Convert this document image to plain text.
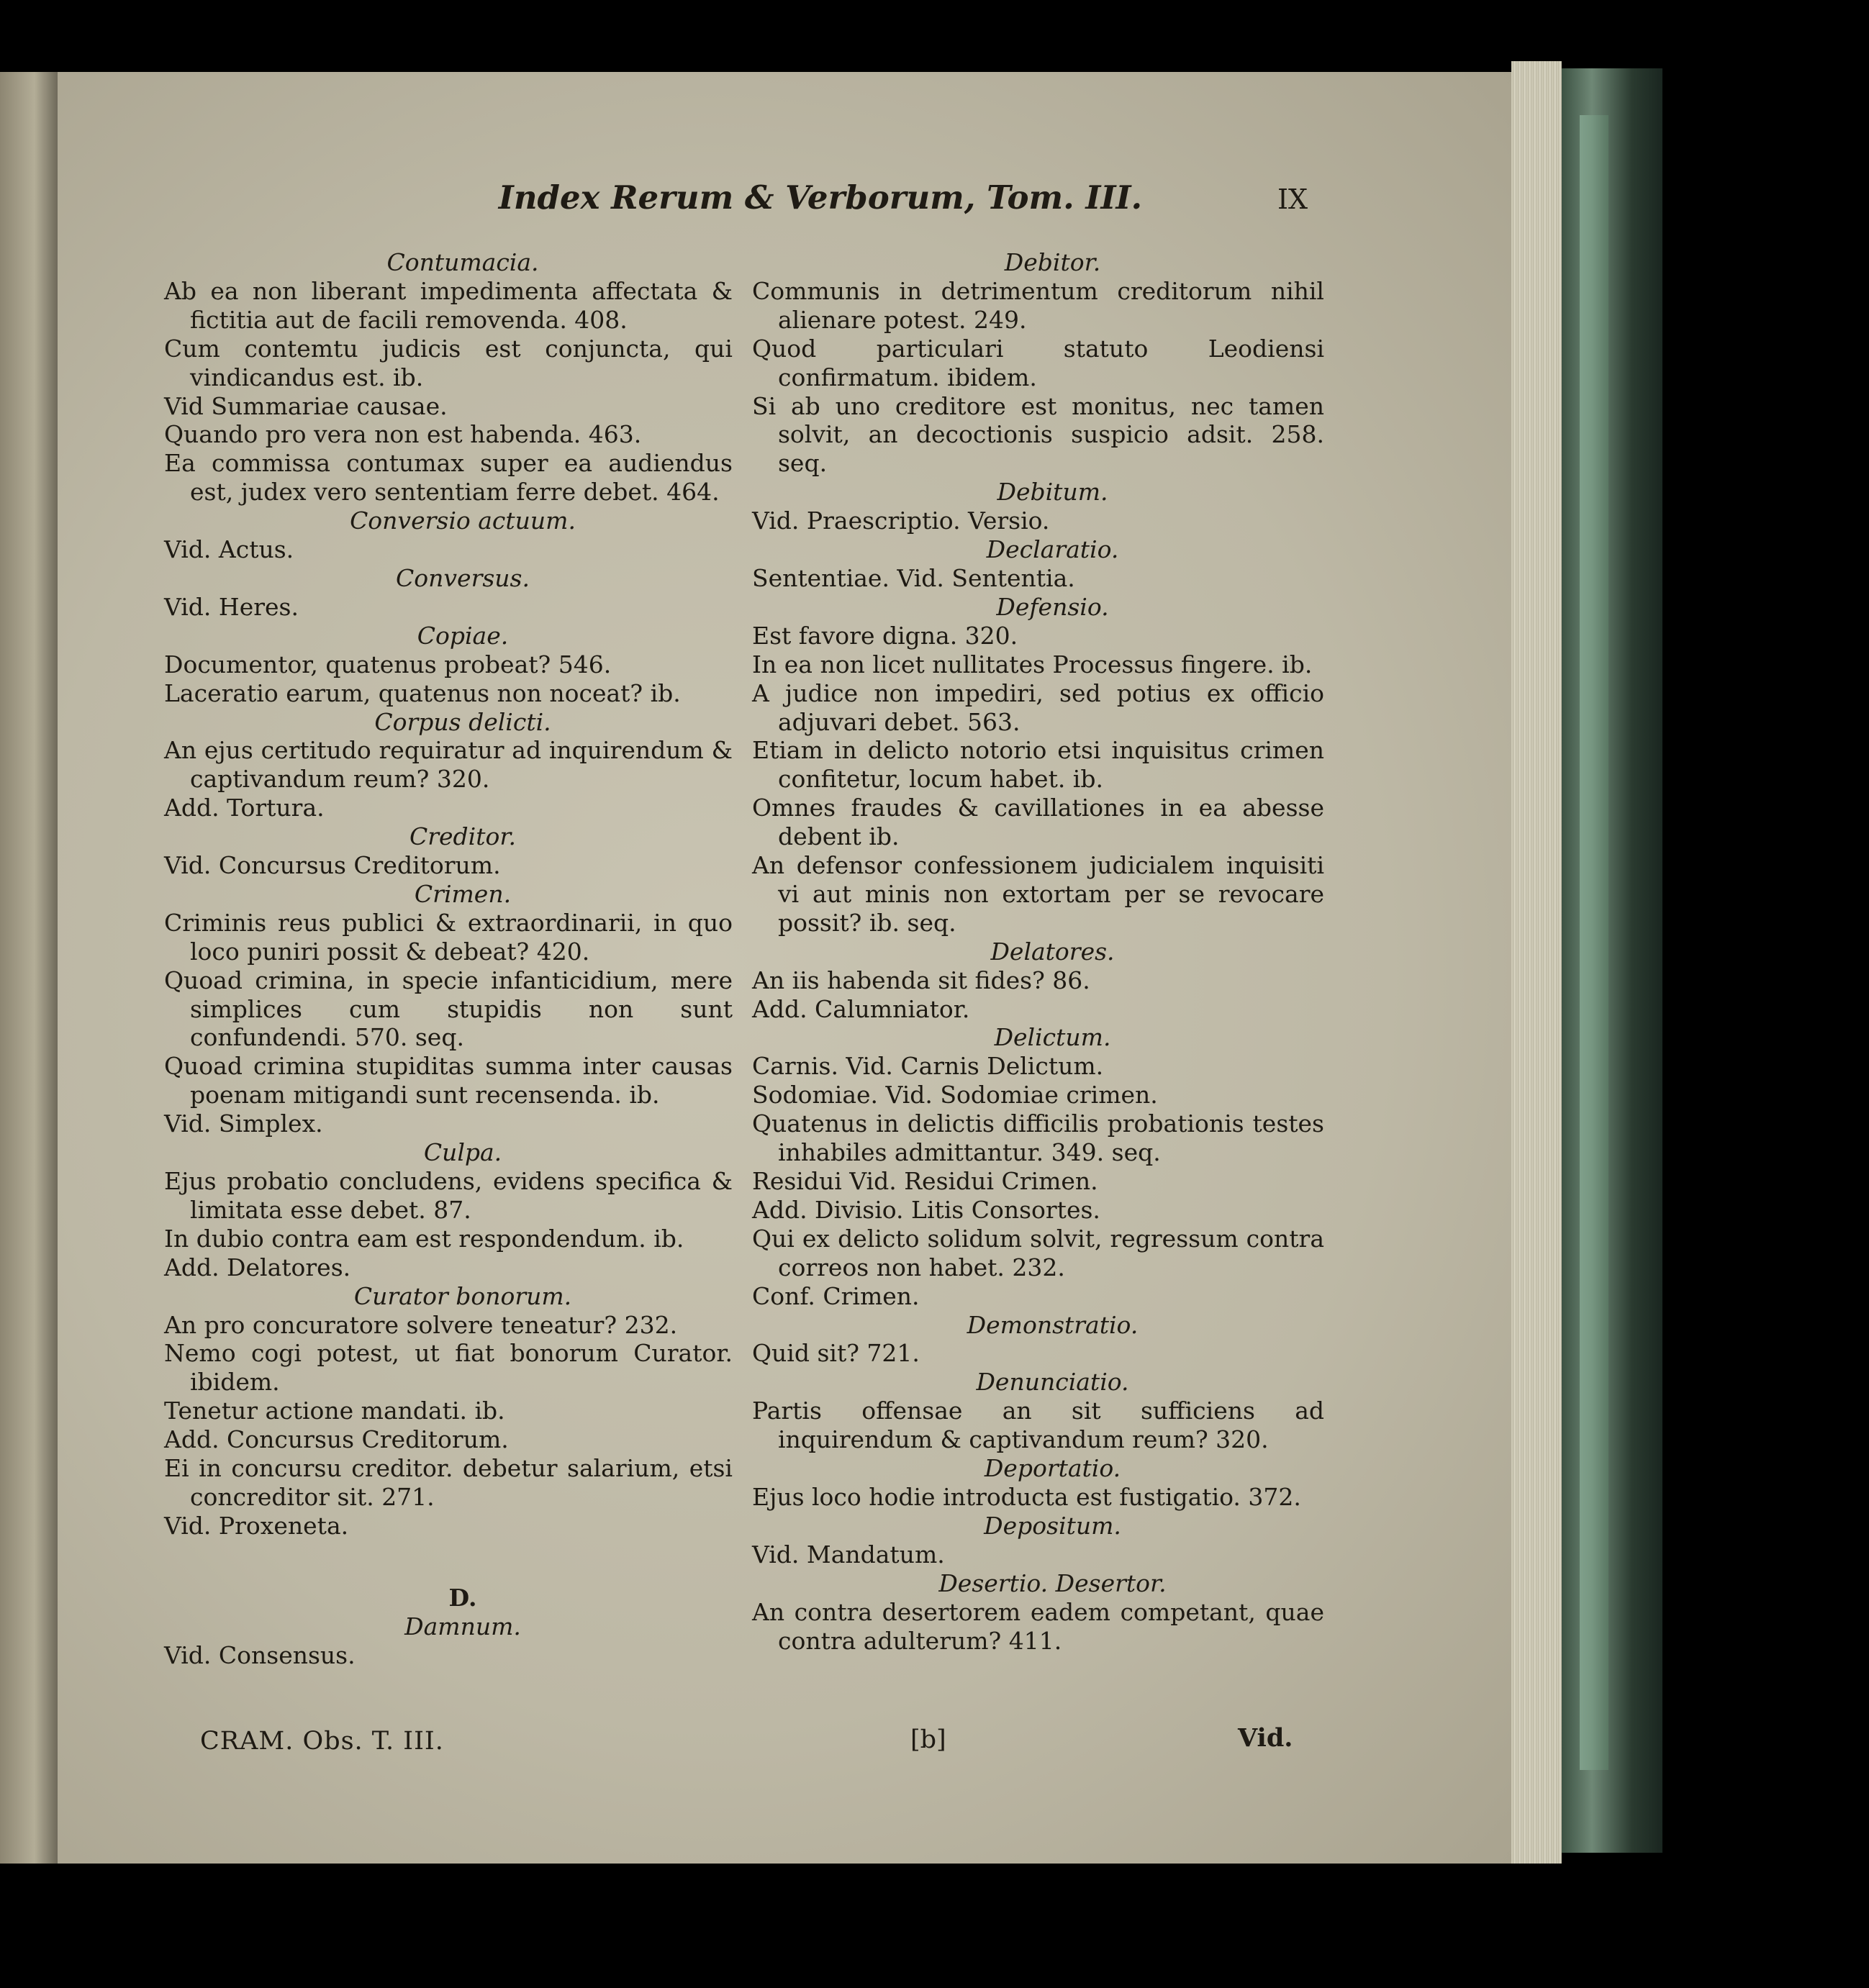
Index Rerum & Verborum, Tom. III.	IX
Contumacia.
Ab ea non liberant impedimenta affectata & fictitia aut de facili removenda. 408.
Cum contemtu judicis est conjuncta, qui vindicandus est. ib.
Vid Summariae causae.
Quando pro vera non est habenda. 463.
Ea commissa contumax super ea audiendus est, judex vero sententiam ferre debet. 464.
Conversio actuum.
Vid. Actus.
Conversus.
Vid. Heres.
Copiae.
Documentor, quatenus probeat? 546.
Laceratio earum, quatenus non noceat? ib.
Corpus delicti.
An ejus certitudo requiratur ad inquirendum & captivandum reum? 320.
Add. Tortura.
Creditor.
Vid. Concursus Creditorum.
Crimen.
Criminis reus publici & extraordinarii, in quo loco puniri possit & debeat? 420.
Quoad crimina, in specie infanticidium, mere simplices cum stupidis non sunt confundendi. 570. seq.
Quoad crimina stupiditas summa inter causas poenam mitigandi sunt recensenda. ib.
Vid. Simplex.
Culpa.
Ejus probatio concludens, evidens specifica & limitata esse debet. 87.
In dubio contra eam est respondendum. ib.
Add. Delatores.
Curator bonorum.
An pro concuratore solvere teneatur? 232.
Nemo cogi potest, ut fiat bonorum Curator. ibidem.
Tenetur actione mandati. ib.
Add. Concursus Creditorum.
Ei in concursu creditor. debetur salarium, etsi concreditor sit. 271.
Vid. Proxeneta.
D.
Damnum.
Vid. Consensus.
Debitor.
Communis in detrimentum creditorum nihil alienare potest. 249.
Quod particulari statuto Leodiensi confirmatum. ibidem.
Si ab uno creditore est monitus, nec tamen solvit, an decoctionis suspicio adsit. 258. seq.
Debitum.
Vid. Praescriptio. Versio.
Declaratio.
Sententiae. Vid. Sententia.
Defensio.
Est favore digna. 320.
In ea non licet nullitates Processus fingere. ib.
A judice non impediri, sed potius ex officio adjuvari debet. 563.
Etiam in delicto notorio etsi inquisitus crimen confitetur, locum habet. ib.
Omnes fraudes & cavillationes in ea abesse debent ib.
An defensor confessionem judicialem inquisiti vi aut minis non extortam per se revocare possit? ib. seq.
Delatores.
An iis habenda sit fides? 86.
Add. Calumniator.
Delictum.
Carnis. Vid. Carnis Delictum.
Sodomiae. Vid. Sodomiae crimen.
Quatenus in delictis difficilis probationis testes inhabiles admittantur. 349. seq.
Residui Vid. Residui Crimen.
Add. Divisio. Litis Consortes.
Qui ex delicto solidum solvit, regressum contra correos non habet. 232.
Conf. Crimen.
Demonstratio.
Quid sit? 721.
Denunciatio.
Partis offensae an sit sufficiens ad inquirendum & captivandum reum? 320.
Deportatio.
Ejus loco hodie introducta est fustigatio. 372.
Depositum.
Vid. Mandatum.
Desertio. Desertor.
An contra desertorem eadem competant, quae contra adulterum? 411.
CRAM. Obs. T. III.	[b]	Vid.
